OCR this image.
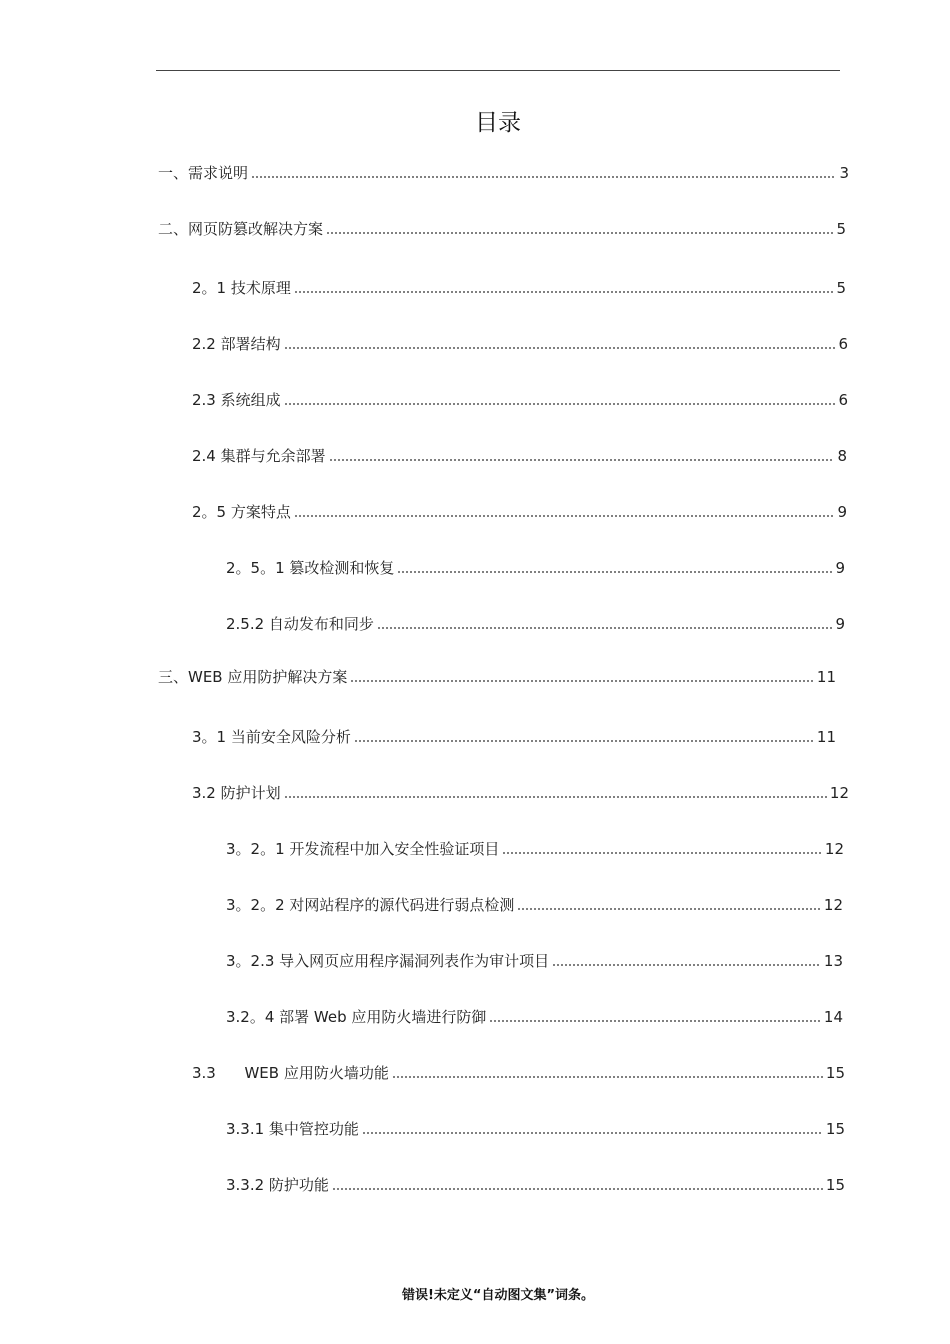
目录
一、需求说明	3
二、网页防篡改解决方案	5
2。1 技术原理	5
2.2 部署结构	6
2.3 系统组成	6
2.4 集群与允余部署	8
2。5 方案特点	9
2。5。1 篡改检测和恢复	9
2.5.2 自动发布和同步	9
三、WEB 应用防护解决方案	11
3。1 当前安全风险分析	11
3.2 防护计划	12
3。2。1 开发流程中加入安全性验证项目	12
3。2。2 对网站程序的源代码进行弱点检测	12
3。2.3 导入网页应用程序漏洞列表作为审计项目	13
3.2。4 部署 Web 应用防火墙进行防御	14
3.3      WEB 应用防火墙功能	15
3.3.1 集中管控功能	15
3.3.2 防护功能	15
错误!未定义“自动图文集”词条。
